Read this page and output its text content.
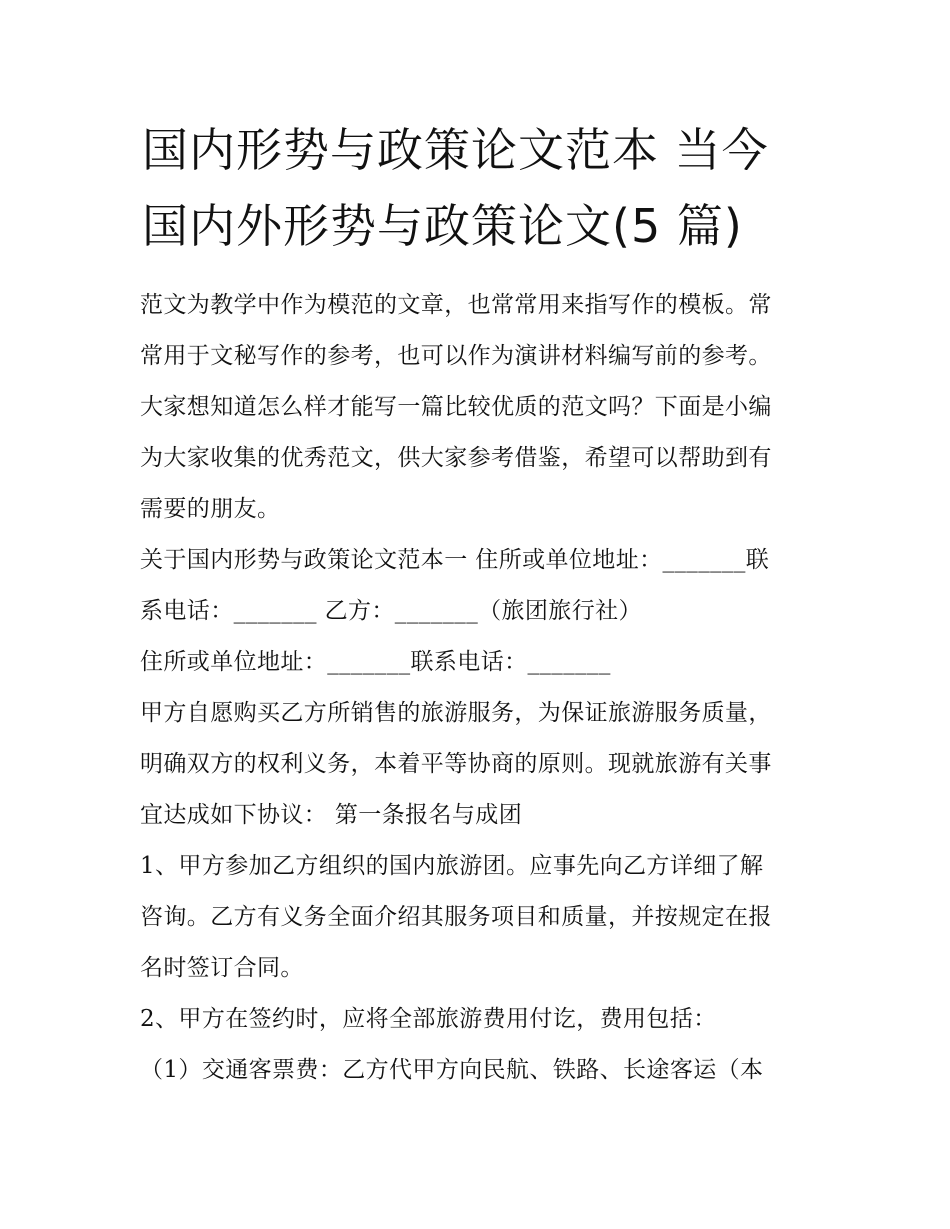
国内形势与政策论文范本 当今
国内外形势与政策论文(5 篇)

范文为教学中作为模范的文章，也常常用来指写作的模板。常

常用于文秘写作的参考，也可以作为演讲材料编写前的参考。

大家想知道怎么样才能写一篇比较优质的范文吗？下面是小编

为大家收集的优秀范文，供大家参考借鉴，希望可以帮助到有

需要的朋友。

关于国内形势与政策论文范本一 住所或单位地址：_______联

系电话：_______ 乙方：_______（旅团旅行社）

住所或单位地址：_______联系电话：_______

甲方自愿购买乙方所销售的旅游服务，为保证旅游服务质量，

明确双方的权利义务，本着平等协商的原则。现就旅游有关事

宜达成如下协议： 第一条报名与成团

1、甲方参加乙方组织的国内旅游团。应事先向乙方详细了解

咨询。乙方有义务全面介绍其服务项目和质量，并按规定在报

名时签订合同。

2、甲方在签约时，应将全部旅游费用付讫，费用包括：

（1）交通客票费：乙方代甲方向民航、铁路、长途客运（本
